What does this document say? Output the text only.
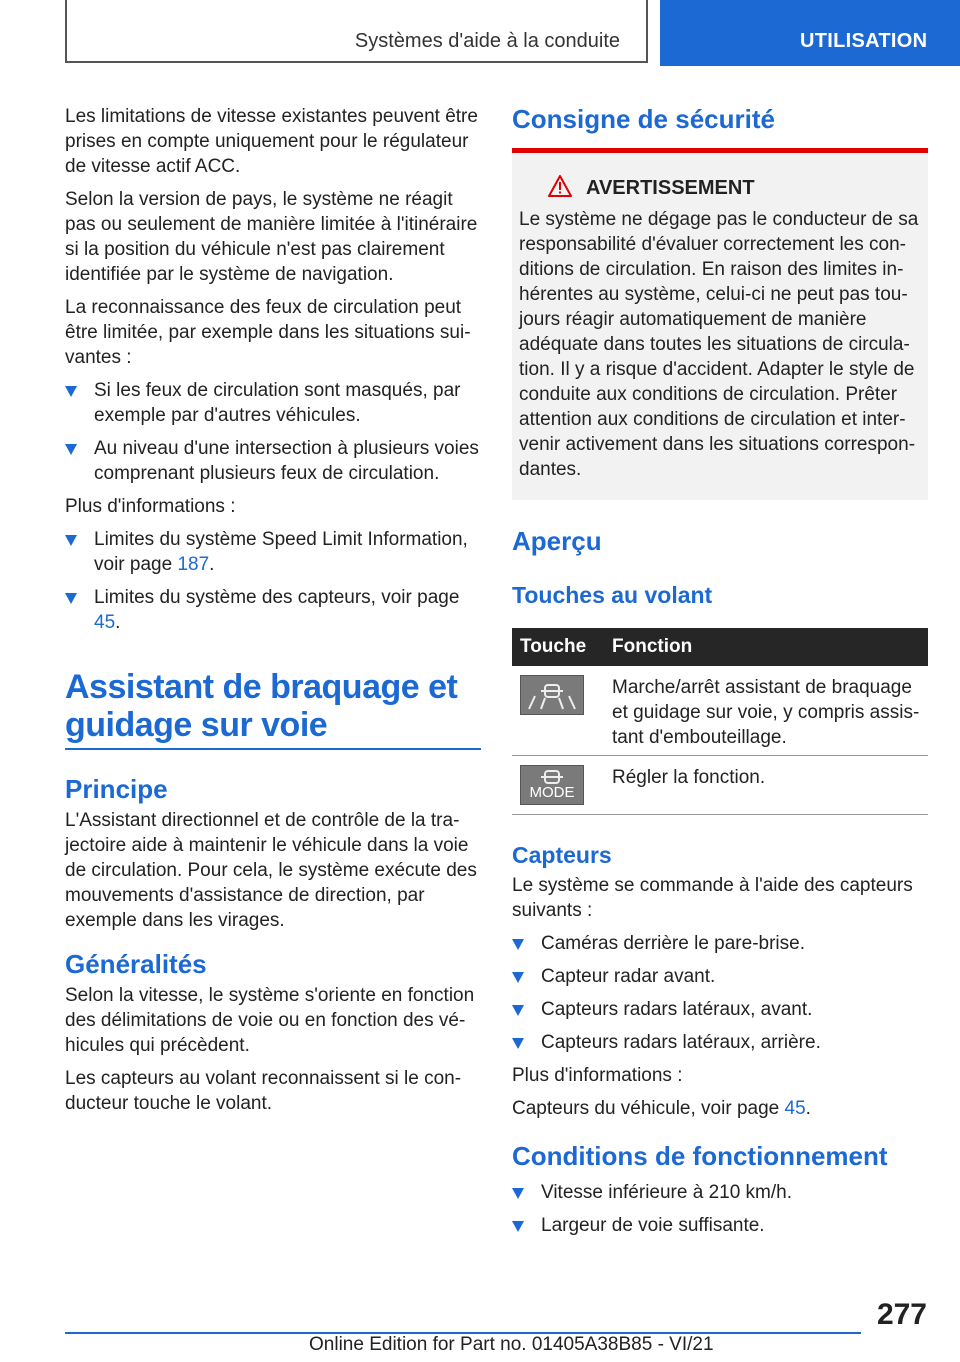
Systèmes d'aide à la conduite	UTILISATION

Les limitations de vitesse existantes peuvent être prises en compte uniquement pour le régulateur de vitesse actif ACC.

Selon la version de pays, le système ne réagit pas ou seulement de manière limitée à l'itinéraire si la position du véhicule n'est pas clairement identifiée par le système de navigation.

La reconnaissance des feux de circulation peut être limitée, par exemple dans les situations sui-vantes :

Si les feux de circulation sont masqués, par exemple par d'autres véhicules.
Au niveau d'une intersection à plusieurs voies comprenant plusieurs feux de circulation.

Plus d'informations :

Limites du système Speed Limit Information, voir page 187.
Limites du système des capteurs, voir page 45.
Assistant de braquage et
guidage sur voie
Principe

L'Assistant directionnel et de contrôle de la tra-jectoire aide à maintenir le véhicule dans la voie de circulation. Pour cela, le système exécute des mouvements d'assistance de direction, par exemple dans les virages.

Généralités

Selon la vitesse, le système s'oriente en fonction des délimitations de voie ou en fonction des vé-hicules qui précèdent.

Les capteurs au volant reconnaissent si le con-ducteur touche le volant.

Consigne de sécurité
AVERTISSEMENT

Le système ne dégage pas le conducteur de sa responsabilité d'évaluer correctement les con-ditions de circulation. En raison des limites in-hérentes au système, celui-ci ne peut pas tou-jours réagir automatiquement de manière adéquate dans toutes les situations de circula-tion. Il y a risque d'accident. Adapter le style de conduite aux conditions de circulation. Prêter attention aux conditions de circulation et inter-venir activement dans les situations correspon-dantes.

Aperçu
Touches au volant
Touche	Fonction

	Marche/arrêt assistant de braquage et guidage sur voie, y compris assis-tant d'embouteillage.

MODE	Régler la fonction.
Capteurs

Le système se commande à l'aide des capteurs suivants :

Caméras derrière le pare-brise.
Capteur radar avant.
Capteurs radars latéraux, avant.
Capteurs radars latéraux, arrière.

Plus d'informations :

Capteurs du véhicule, voir page 45.

Conditions de fonctionnement
Vitesse inférieure à 210 km/h.
Largeur de voie suffisante.
277
Online Edition for Part no. 01405A38B85 - VI/21
